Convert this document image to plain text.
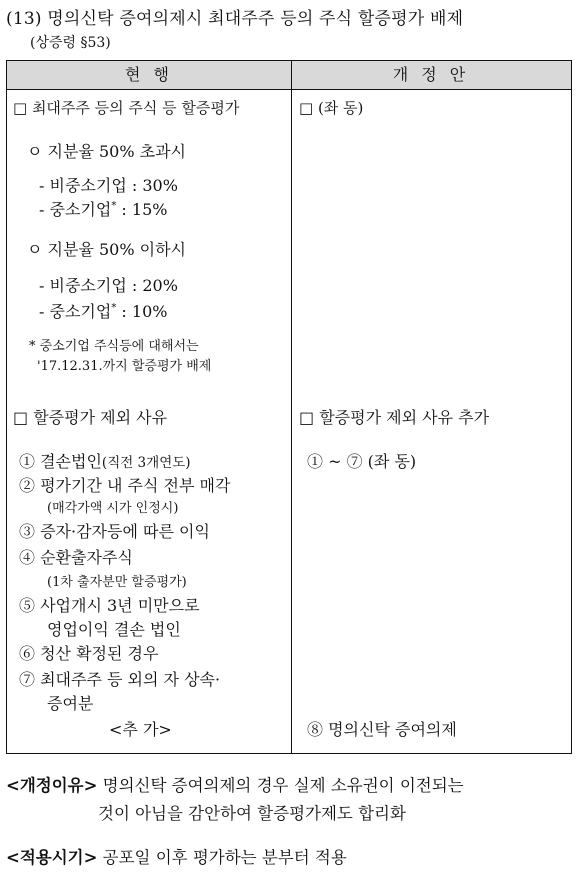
(13) 명의신탁 증여의제시 최대주주 등의 주식 할증평가 배제
(상증령 §53)
현 행	개 정 안
□ 최대주주 등의 주식 등 할증평가
ㅇ 지분율 50% 초과시
- 비중소기업 : 30%
- 중소기업* : 15%
ㅇ 지분율 50% 이하시
- 비중소기업 : 20%
- 중소기업* : 10%
* 중소기업 주식등에 대해서는
'17.12.31.까지 할증평가 배제
□ 할증평가 제외 사유
① 결손법인(직전 3개연도)
② 평가기간 내 주식 전부 매각
(매각가액 시가 인정시)
③ 증자·감자등에 따른 이익
④ 순환출자주식
(1차 출자분만 할증평가)
⑤ 사업개시 3년 미만으로
영업이익 결손 법인
⑥ 청산 확정된 경우
⑦ 최대주주 등 외의 자 상속·
증여분
<추 가>
□ (좌 동)
□ 할증평가 제외 사유 추가
① ~ ⑦ (좌 동)
⑧ 명의신탁 증여의제
<개정이유> 명의신탁 증여의제의 경우 실제 소유권이 이전되는
것이 아님을 감안하여 할증평가제도 합리화
<적용시기> 공포일 이후 평가하는 분부터 적용
